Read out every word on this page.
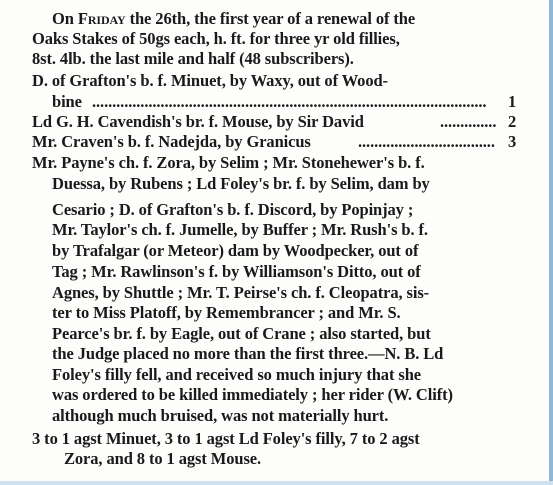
On Friday the 26th, the first year of a renewal of the
Oaks Stakes of 50gs each, h. ft. for three yr old fillies,
8st. 4lb. the last mile and half (48 subscribers).
D. of Grafton's b. f. Minuet, by Waxy, out of Wood-
bine ..................................................................................................	1
Ld G. H. Cavendish's br. f. Mouse, by Sir David	.............. 2
Mr. Craven's b. f. Nadejda, by Granicus	.................................. 3
Mr. Payne's ch. f. Zora, by Selim ; Mr. Stonehewer's b. f.
Duessa, by Rubens ; Ld Foley's br. f. by Selim, dam by
Cesario ; D. of Grafton's b. f. Discord, by Popinjay ;
Mr. Taylor's ch. f. Jumelle, by Buffer ; Mr. Rush's b. f.
by Trafalgar (or Meteor) dam by Woodpecker, out of
Tag ; Mr. Rawlinson's f. by Williamson's Ditto, out of
Agnes, by Shuttle ; Mr. T. Peirse's ch. f. Cleopatra, sis-
ter to Miss Platoff, by Remembrancer ; and Mr. S.
Pearce's br. f. by Eagle, out of Crane ; also started, but
the Judge placed no more than the first three.—N. B. Ld
Foley's filly fell, and received so much injury that she
was ordered to be killed immediately ; her rider (W. Clift)
although much bruised, was not materially hurt.
3 to 1 agst Minuet, 3 to 1 agst Ld Foley's filly, 7 to 2 agst
Zora, and 8 to 1 agst Mouse.
